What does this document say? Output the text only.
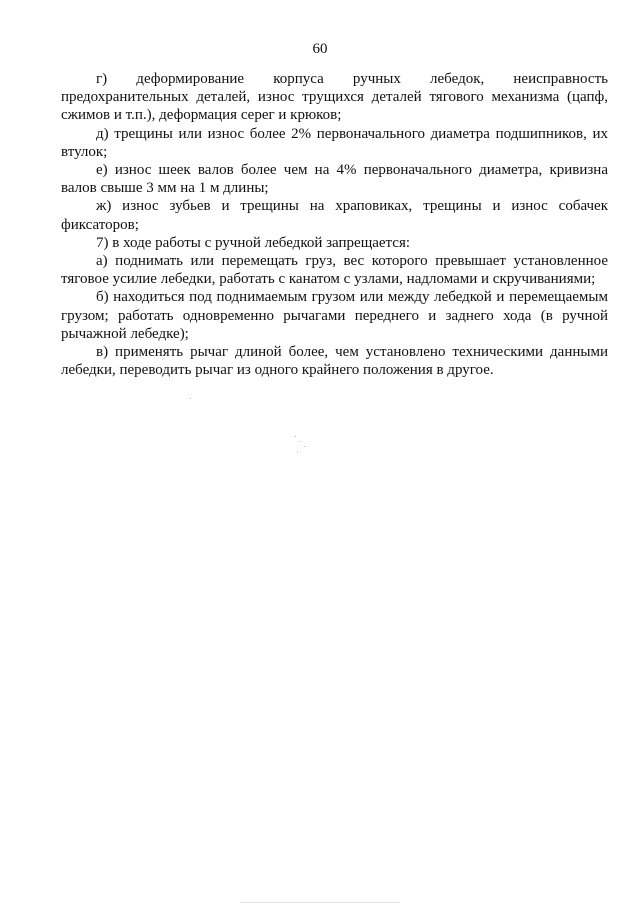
60

г) деформирование корпуса ручных лебедок, неисправность предохранительных деталей, износ трущихся деталей тягового механизма (цапф, сжимов и т.п.), деформация серег и крюков;

д) трещины или износ более 2% первоначального диаметра подшипников, их втулок;

е) износ шеек валов более чем на 4% первоначального диаметра, кривизна валов свыше 3 мм на 1 м длины;

ж) износ зубьев и трещины на храповиках, трещины и износ собачек фиксаторов;

7) в ходе работы с ручной лебедкой запрещается:

а) поднимать или перемещать груз, вес которого превышает установленное тяговое усилие лебедки, работать с канатом с узлами, надломами и скручиваниями;

б) находиться под поднимаемым грузом или между лебедкой и перемещаемым грузом; работать одновременно рычагами переднего и заднего хода (в ручной рычажной лебедке);

в) применять рычаг длиной более, чем установлено техническими данными лебедки, переводить рычаг из одного крайнего положения в другое.
